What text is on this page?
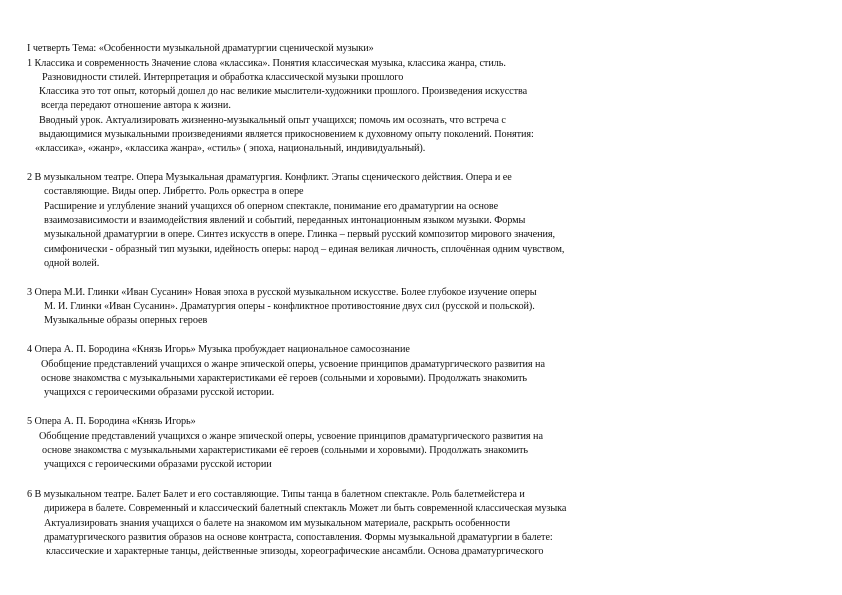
I четверть Тема: «Особенности музыкальной драматургии сценической музыки»
1 Классика и современность Значение слова «классика». Понятия классическая музыка, классика жанра, стиль.
Разновидности стилей. Интерпретация и обработка классической музыки прошлого
Классика это тот опыт, который дошел до нас великие мыслители-художники прошлого. Произведения искусства
всегда передают отношение автора к жизни.
Вводный урок. Актуализировать жизненно-музыкальный опыт учащихся; помочь им осознать, что встреча с
выдающимися музыкальными произведениями является прикосновением к духовному опыту поколений. Понятия:
«классика», «жанр», «классика жанра», «стиль» ( эпоха, национальный, индивидуальный).
2 В музыкальном театре. Опера Музыкальная драматургия. Конфликт. Этапы сценического действия. Опера и ее
составляющие. Виды опер. Либретто. Роль оркестра в опере
Расширение и углубление знаний учащихся об оперном спектакле, понимание его драматургии на основе
взаимозависимости и взаимодействия явлений и событий, переданных интонационным языком музыки. Формы
музыкальной драматургии в опере. Синтез искусств в опере. Глинка – первый русский композитор мирового значения,
симфонически - образный тип музыки, идейность оперы: народ – единая великая личность, сплочённая одним чувством,
одной волей.
3 Опера М.И. Глинки «Иван Сусанин» Новая эпоха в русской музыкальном искусстве. Более глубокое изучение оперы
М. И. Глинки «Иван Сусанин». Драматургия оперы - конфликтное противостояние двух сил (русской и польской).
Музыкальные образы оперных героев
4 Опера А. П. Бородина «Князь Игорь» Музыка пробуждает национальное самосознание
Обобщение представлений учащихся о жанре эпической оперы, усвоение принципов драматургического развития на
основе знакомства с музыкальными характеристиками её героев (сольными и хоровыми). Продолжать знакомить
учащихся с героическими образами русской истории.
5 Опера А. П. Бородина «Князь Игорь»
Обобщение представлений учащихся о жанре эпической оперы, усвоение принципов драматургического развития на
основе знакомства с музыкальными характеристиками её героев (сольными и хоровыми). Продолжать знакомить
учащихся с героическими образами русской истории
6 В музыкальном театре. Балет Балет и его составляющие. Типы танца в балетном спектакле. Роль балетмейстера и
дирижера в балете. Современный и классический балетный спектакль Может ли быть современной классическая музыка
Актуализировать знания учащихся о балете на знакомом им музыкальном материале, раскрыть особенности
драматургического развития образов на основе контраста, сопоставления. Формы музыкальной драматургии в балете:
классические и характерные танцы, действенные эпизоды, хореографические ансамбли. Основа драматургического
